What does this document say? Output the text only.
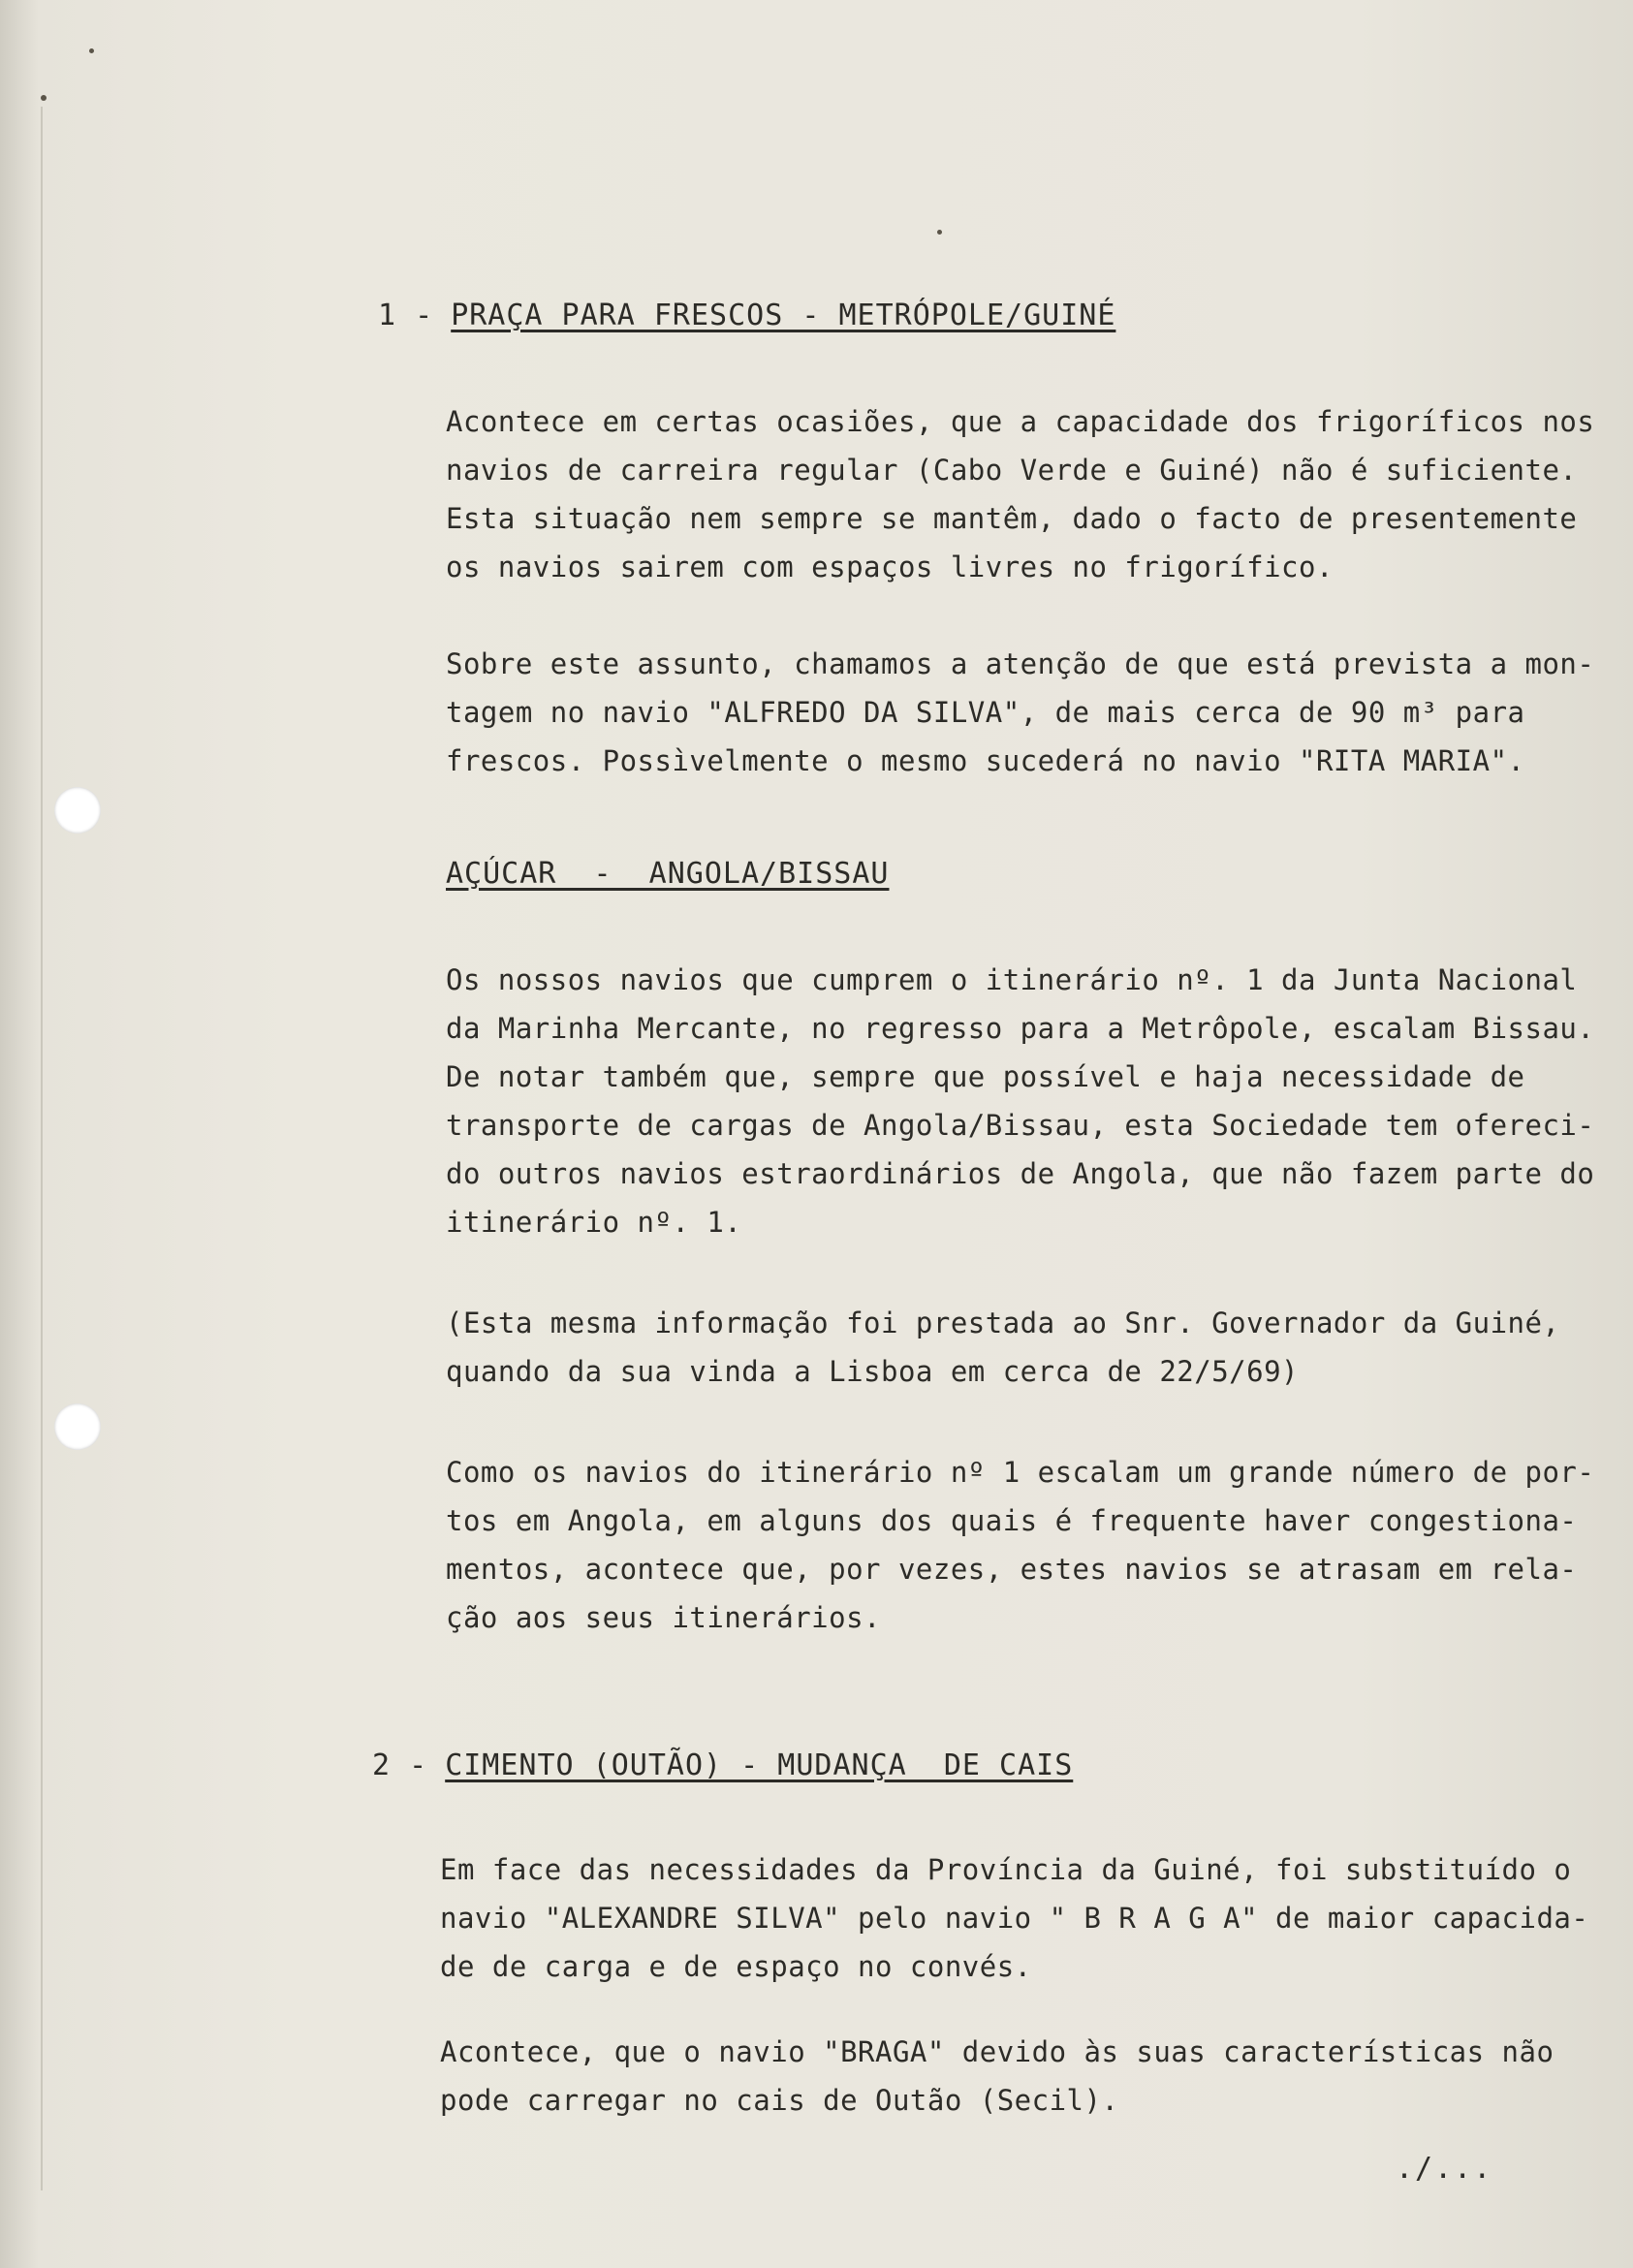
1 - PRAÇA PARA FRESCOS - METRÓPOLE/GUINÉ
Acontece em certas ocasiões, que a capacidade dos frigoríficos nos
navios de carreira regular (Cabo Verde e Guiné) não é suficiente.
Esta situação nem sempre se mantêm, dado o facto de presentemente
os navios sairem com espaços livres no frigorífico.
Sobre este assunto, chamamos a atenção de que está prevista a mon-
tagem no navio "ALFREDO DA SILVA", de mais cerca de 90 m³ para
frescos. Possìvelmente o mesmo sucederá no navio "RITA MARIA".
AÇÚCAR  -  ANGOLA/BISSAU
Os nossos navios que cumprem o itinerário nº. 1 da Junta Nacional
da Marinha Mercante, no regresso para a Metrôpole, escalam Bissau.
De notar também que, sempre que possível e haja necessidade de
transporte de cargas de Angola/Bissau, esta Sociedade tem ofereci-
do outros navios estraordinários de Angola, que não fazem parte do
itinerário nº. 1.
(Esta mesma informação foi prestada ao Snr. Governador da Guiné,
quando da sua vinda a Lisboa em cerca de 22/5/69)
Como os navios do itinerário nº 1 escalam um grande número de por-
tos em Angola, em alguns dos quais é frequente haver congestiona-
mentos, acontece que, por vezes, estes navios se atrasam em rela-
ção aos seus itinerários.
2 - CIMENTO (OUTÃO) - MUDANÇA  DE CAIS
Em face das necessidades da Província da Guiné, foi substituído o
navio "ALEXANDRE SILVA" pelo navio " B R A G A" de maior capacida-
de de carga e de espaço no convés.
Acontece, que o navio "BRAGA" devido às suas características não
pode carregar no cais de Outão (Secil).
./...
